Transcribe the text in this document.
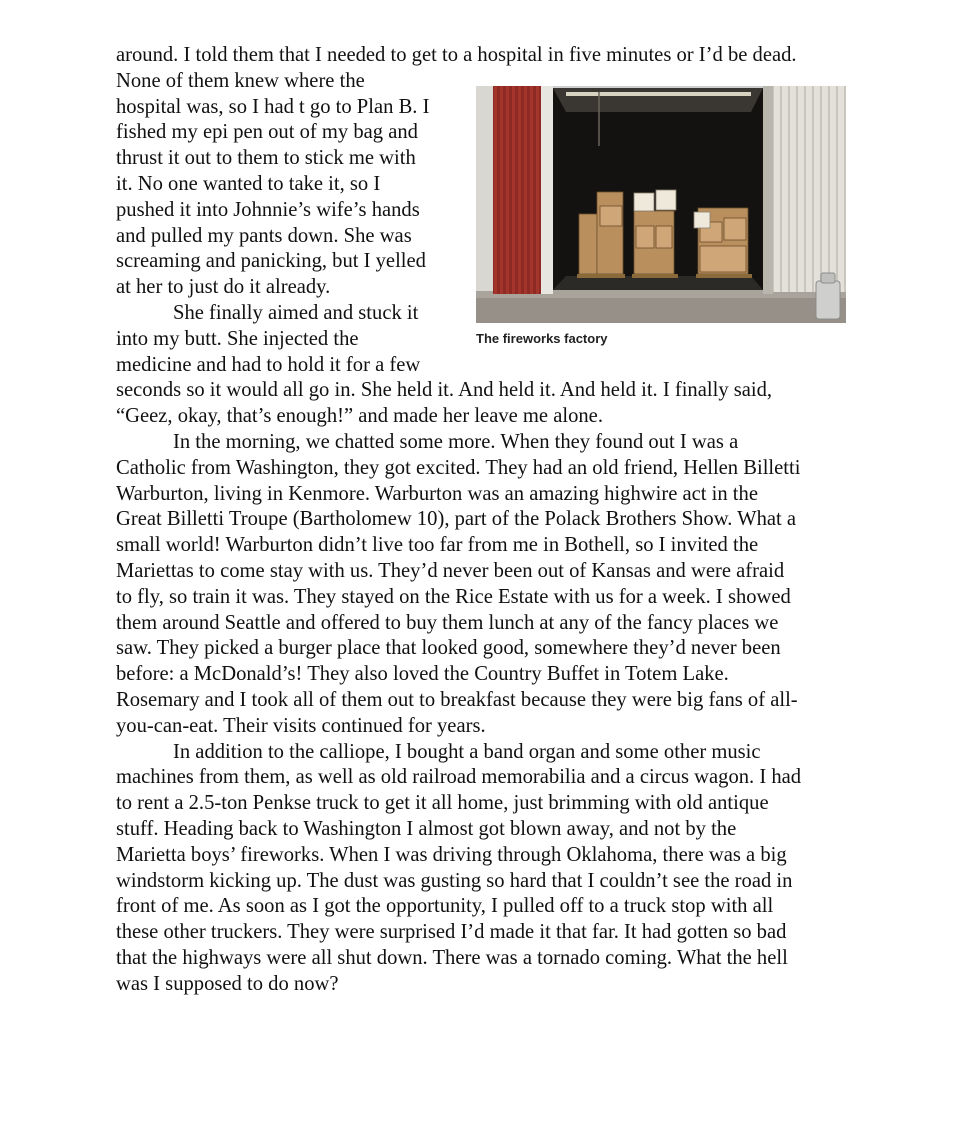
around. I told them that I needed to get to a hospital in five minutes or I’d be dead.
None of them knew where the
hospital was, so I had t go to Plan B. I
fished my epi pen out of my bag and
thrust it out to them to stick me with
it. No one wanted to take it, so I
pushed it into Johnnie’s wife’s hands
and pulled my pants down. She was
screaming and panicking, but I yelled
at her to just do it already.
She finally aimed and stuck it
into my butt. She injected the
medicine and had to hold it for a few
seconds so it would all go in. She held it. And held it. And held it. I finally said,
“Geez, okay, that’s enough!” and made her leave me alone.
In the morning, we chatted some more. When they found out I was a
Catholic from Washington, they got excited. They had an old friend, Hellen Billetti
Warburton, living in Kenmore. Warburton was an amazing highwire act in the
Great Billetti Troupe (Bartholomew 10), part of the Polack Brothers Show. What a
small world! Warburton didn’t live too far from me in Bothell, so I invited the
Mariettas to come stay with us. They’d never been out of Kansas and were afraid
to fly, so train it was. They stayed on the Rice Estate with us for a week. I showed
them around Seattle and offered to buy them lunch at any of the fancy places we
saw. They picked a burger place that looked good, somewhere they’d never been
before: a McDonald’s! They also loved the Country Buffet in Totem Lake.
Rosemary and I took all of them out to breakfast because they were big fans of all-
you-can-eat. Their visits continued for years.
In addition to the calliope, I bought a band organ and some other music
machines from them, as well as old railroad memorabilia and a circus wagon. I had
to rent a 2.5-ton Penkse truck to get it all home, just brimming with old antique
stuff. Heading back to Washington I almost got blown away, and not by the
Marietta boys’ fireworks. When I was driving through Oklahoma, there was a big
windstorm kicking up. The dust was gusting so hard that I couldn’t see the road in
front of me. As soon as I got the opportunity, I pulled off to a truck stop with all
these other truckers. They were surprised I’d made it that far. It had gotten so bad
that the highways were all shut down. There was a tornado coming. What the hell
was I supposed to do now?
The fireworks factory
